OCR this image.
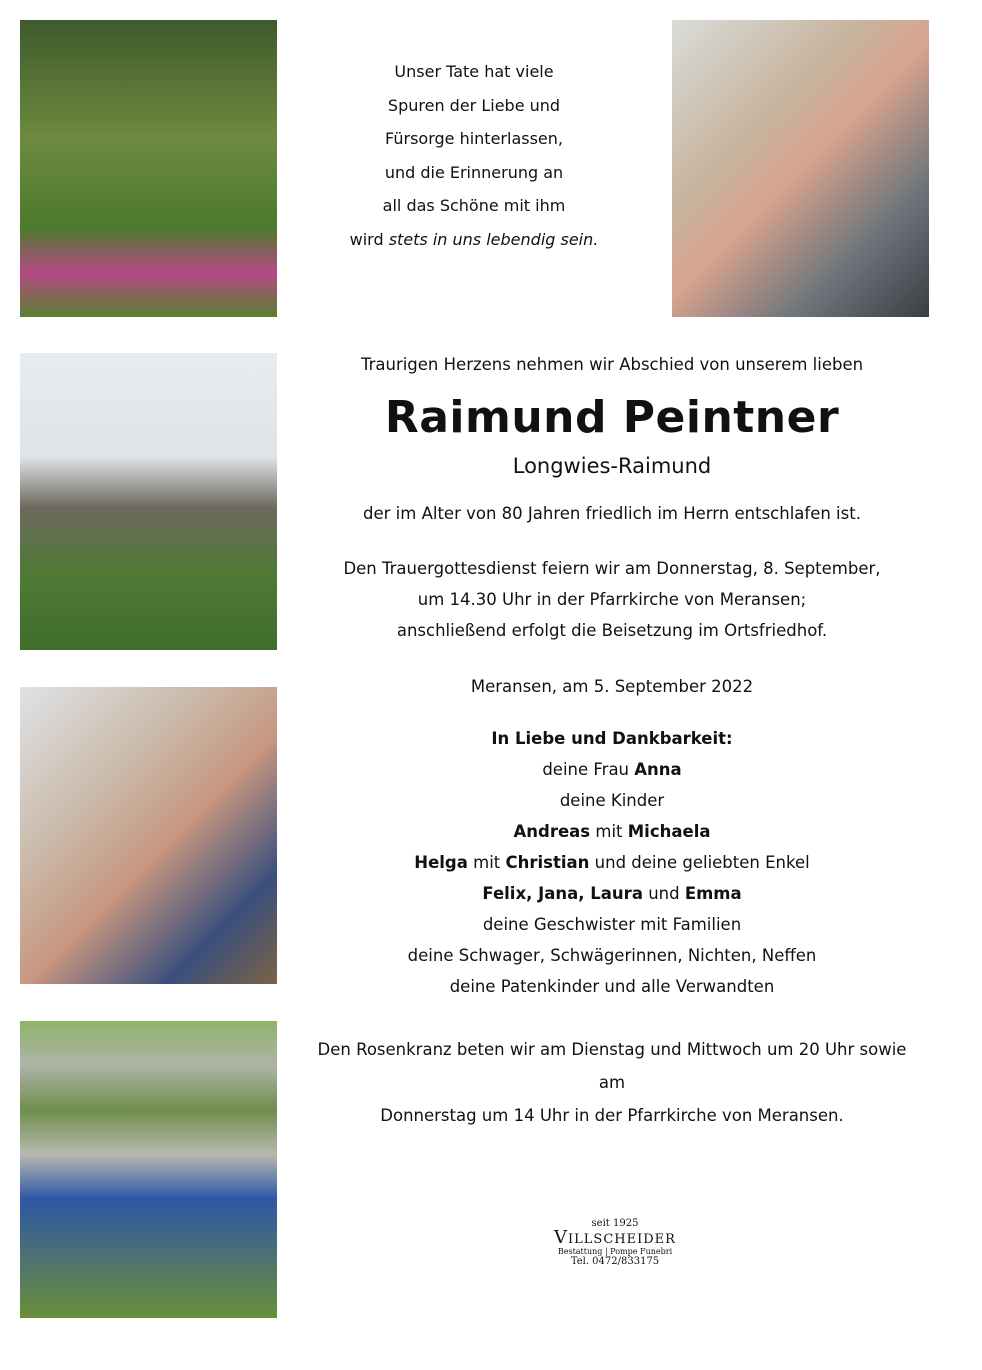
Unser Tate hat viele
Spuren der Liebe und
Fürsorge hinterlassen,
und die Erinnerung an
all das Schöne mit ihm
wird stets in uns lebendig sein.

Traurigen Herzens nehmen wir Abschied von unserem lieben

Raimund Peintner

Longwies-Raimund

der im Alter von 80 Jahren friedlich im Herrn entschlafen ist.

Den Trauergottesdienst feiern wir am Donnerstag, 8. September,

um 14.30 Uhr in der Pfarrkirche von Meransen;

anschließend erfolgt die Beisetzung im Ortsfriedhof.

Meransen, am 5. September 2022

In Liebe und Dankbarkeit:

deine Frau Anna

deine Kinder

Andreas mit Michaela

Helga mit Christian und deine geliebten Enkel

Felix, Jana, Laura und Emma

deine Geschwister mit Familien

deine Schwager, Schwägerinnen, Nichten, Neffen

deine Patenkinder und alle Verwandten

Den Rosenkranz beten wir am Dienstag und Mittwoch um 20 Uhr sowie am

Donnerstag um 14 Uhr in der Pfarrkirche von Meransen.

seit 1925
Villscheider
Bestattung | Pompe Funebri
Tel. 0472/833175
